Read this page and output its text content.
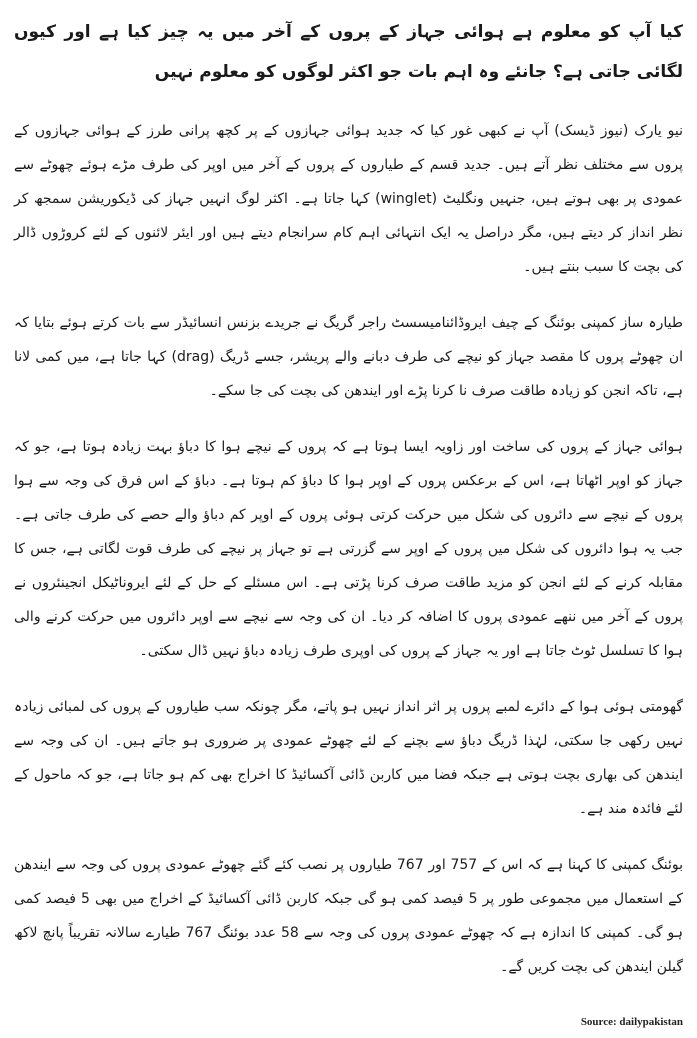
کیا آپ کو معلوم ہے ہوائی جہاز کے پروں کے آخر میں یہ چیز کیا ہے اور کیوں لگائی جاتی ہے؟ جانئے وہ اہم بات جو اکثر لوگوں کو معلوم نہیں

نیو یارک (نیوز ڈیسک) آپ نے کبھی غور کیا کہ جدید ہوائی جہازوں کے پر کچھ پرانی طرز کے ہوائی جہازوں کے پروں سے مختلف نظر آتے ہیں۔ جدید قسم کے طیاروں کے پروں کے آخر میں اوپر کی طرف مڑے ہوئے چھوٹے سے عمودی پر بھی ہوتے ہیں، جنہیں ونگلیٹ (winglet) کہا جاتا ہے۔ اکثر لوگ انہیں جہاز کی ڈیکوریشن سمجھ کر نظر انداز کر دیتے ہیں، مگر دراصل یہ ایک انتہائی اہم کام سرانجام دیتے ہیں اور ایئر لائنوں کے لئے کروڑوں ڈالر کی بچت کا سبب بنتے ہیں۔

طیارہ ساز کمپنی بوئنگ کے چیف ایروڈائنامیسسٹ راجر گریگ نے جریدے بزنس انسائیڈر سے بات کرتے ہوئے بتایا کہ ان چھوٹے پروں کا مقصد جہاز کو نیچے کی طرف دبانے والے پریشر، جسے ڈریگ (drag) کہا جاتا ہے، میں کمی لانا ہے، تاکہ انجن کو زیادہ طاقت صرف نا کرنا پڑے اور ایندھن کی بچت کی جا سکے۔

ہوائی جہاز کے پروں کی ساخت اور زاویہ ایسا ہوتا ہے کہ پروں کے نیچے ہوا کا دباؤ بہت زیادہ ہوتا ہے، جو کہ جہاز کو اوپر اٹھاتا ہے، اس کے برعکس پروں کے اوپر ہوا کا دباؤ کم ہوتا ہے۔ دباؤ کے اس فرق کی وجہ سے ہوا پروں کے نیچے سے دائروں کی شکل میں حرکت کرتی ہوئی پروں کے اوپر کم دباؤ والے حصے کی طرف جاتی ہے۔ جب یہ ہوا دائروں کی شکل میں پروں کے اوپر سے گزرتی ہے تو جہاز پر نیچے کی طرف قوت لگاتی ہے، جس کا مقابلہ کرنے کے لئے انجن کو مزید طاقت صرف کرنا پڑتی ہے۔ اس مسئلے کے حل کے لئے ایروناٹیکل انجینئروں نے پروں کے آخر میں ننھے عمودی پروں کا اضافہ کر دیا۔ ان کی وجہ سے نیچے سے اوپر دائروں میں حرکت کرنے والی ہوا کا تسلسل ٹوٹ جاتا ہے اور یہ جہاز کے پروں کی اوپری طرف زیادہ دباؤ نہیں ڈال سکتی۔

گھومتی ہوئی ہوا کے دائرے لمبے پروں پر اثر انداز نہیں ہو پاتے، مگر چونکہ سب طیاروں کے پروں کی لمبائی زیادہ نہیں رکھی جا سکتی، لہٰذا ڈریگ دباؤ سے بچنے کے لئے چھوٹے عمودی پر ضروری ہو جاتے ہیں۔ ان کی وجہ سے ایندھن کی بھاری بچت ہوتی ہے جبکہ فضا میں کاربن ڈائی آکسائیڈ کا اخراج بھی کم ہو جاتا ہے، جو کہ ماحول کے لئے فائدہ مند ہے۔

بوئنگ کمپنی کا کہنا ہے کہ اس کے 757 اور 767 طیاروں پر نصب کئے گئے چھوٹے عمودی پروں کی وجہ سے ایندھن کے استعمال میں مجموعی طور پر 5 فیصد کمی ہو گی جبکہ کاربن ڈائی آکسائیڈ کے اخراج میں بھی 5 فیصد کمی ہو گی۔ کمپنی کا اندازہ ہے کہ چھوٹے عمودی پروں کی وجہ سے 58 عدد بوئنگ 767 طیارے سالانہ تقریباً پانچ لاکھ گیلن ایندھن کی بچت کریں گے۔

Source: dailypakistan
